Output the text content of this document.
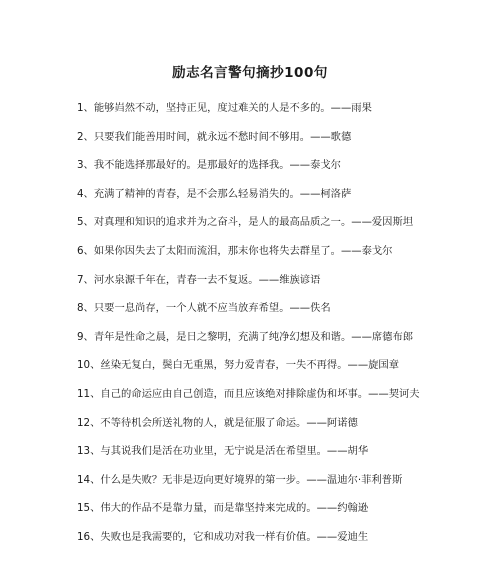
励志名言警句摘抄100句
1、能够岿然不动，坚持正见，度过难关的人是不多的。——雨果
2、只要我们能善用时间，就永远不愁时间不够用。——歌德
3、我不能选择那最好的。是那最好的选择我。——泰戈尔
4、充满了精神的青春，是不会那么轻易消失的。——柯洛萨
5、对真理和知识的追求并为之奋斗，是人的最高品质之一。——爱因斯坦
6、如果你因失去了太阳而流泪，那末你也将失去群星了。——泰戈尔
7、河水泉源千年在，青春一去不复返。——维族谚语
8、只要一息尚存，一个人就不应当放弃希望。——佚名
9、青年是性命之晨，是日之黎明，充满了纯净幻想及和谐。——席德布郎
10、丝染无复白，鬓白无重黑，努力爱青春，一失不再得。——旋国章
11、自己的命运应由自己创造，而且应该绝对排除虚伪和坏事。——契诃夫
12、不等待机会所送礼物的人，就是征服了命运。——阿诺德
13、与其说我们是活在功业里，无宁说是活在希望里。——胡华
14、什么是失败？无非是迈向更好境界的第一步。——温迪尔·菲利普斯
15、伟大的作品不是靠力量，而是靠坚持来完成的。——约翰逊
16、失败也是我需要的，它和成功对我一样有价值。——爱迪生
